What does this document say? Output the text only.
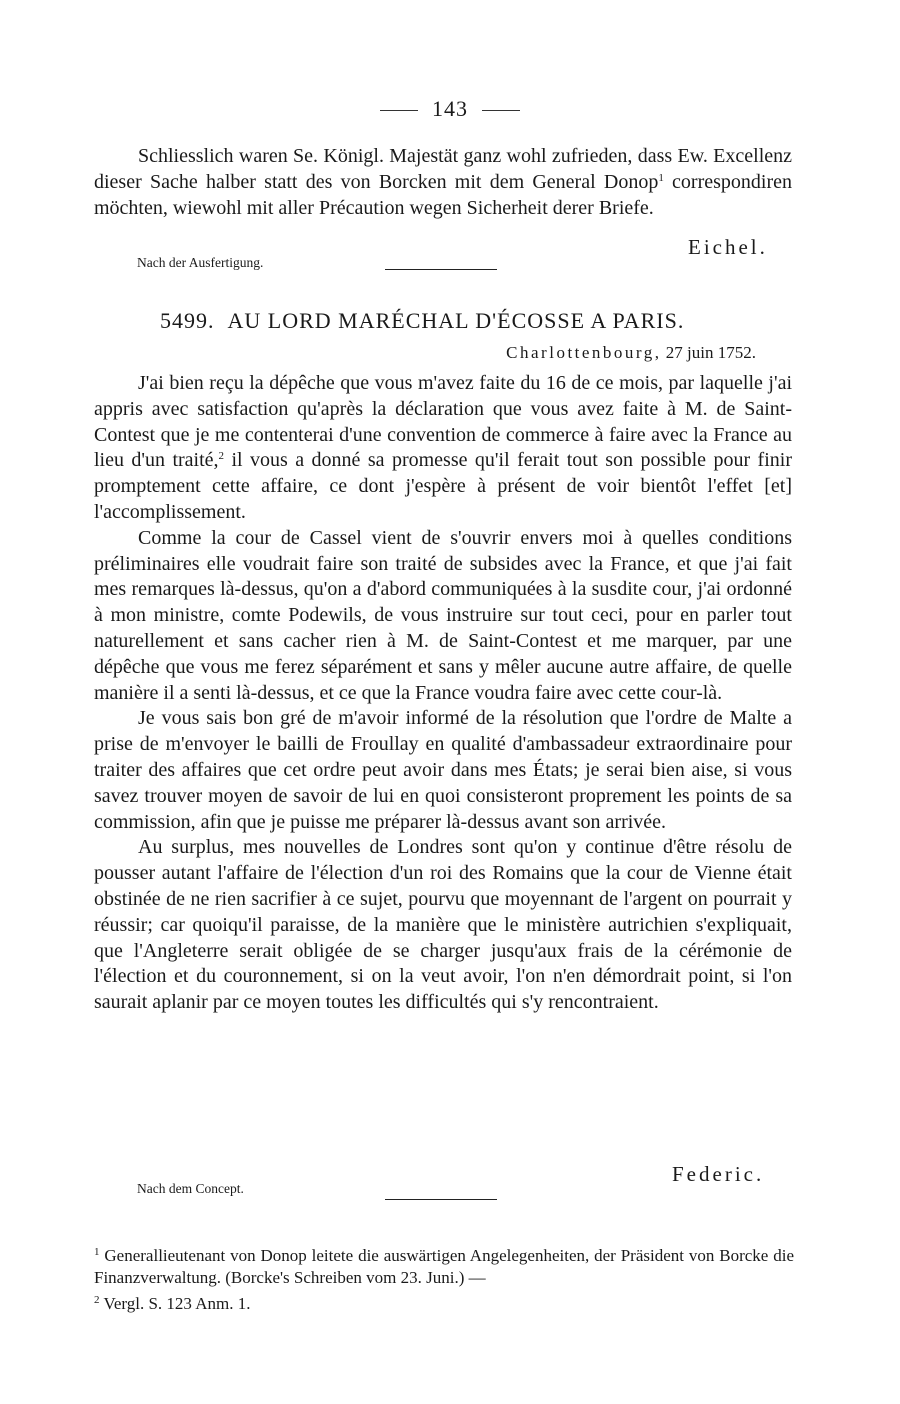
143

Schliesslich waren Se. Königl. Majestät ganz wohl zufrieden, dass Ew. Excellenz dieser Sache halber statt des von Borcken mit dem General Donop$^1$ correspondiren möchten, wiewohl mit aller Précaution wegen Sicherheit derer Briefe.

Eichel.
Nach der Ausfertigung.
5499. AU LORD MARÉCHAL D'ÉCOSSE A PARIS.
Charlottenbourg, 27 juin 1752.

J'ai bien reçu la dépêche que vous m'avez faite du 16 de ce mois, par laquelle j'ai appris avec satisfaction qu'après la déclaration que vous avez faite à M. de Saint-Contest que je me contenterai d'une convention de commerce à faire avec la France au lieu d'un traité,$^2$ il vous a donné sa promesse qu'il ferait tout son possible pour finir promptement cette affaire, ce dont j'espère à présent de voir bientôt l'effet [et] l'accomplissement.

Comme la cour de Cassel vient de s'ouvrir envers moi à quelles conditions préliminaires elle voudrait faire son traité de subsides avec la France, et que j'ai fait mes remarques là-dessus, qu'on a d'abord communiquées à la susdite cour, j'ai ordonné à mon ministre, comte Podewils, de vous instruire sur tout ceci, pour en parler tout naturellement et sans cacher rien à M. de Saint-Contest et me marquer, par une dépêche que vous me ferez séparément et sans y mêler aucune autre affaire, de quelle manière il a senti là-dessus, et ce que la France voudra faire avec cette cour-là.

Je vous sais bon gré de m'avoir informé de la résolution que l'ordre de Malte a prise de m'envoyer le bailli de Froullay en qualité d'ambassadeur extraordinaire pour traiter des affaires que cet ordre peut avoir dans mes États; je serai bien aise, si vous savez trouver moyen de savoir de lui en quoi consisteront proprement les points de sa commission, afin que je puisse me préparer là-dessus avant son arrivée.

Au surplus, mes nouvelles de Londres sont qu'on y continue d'être résolu de pousser autant l'affaire de l'élection d'un roi des Romains que la cour de Vienne était obstinée de ne rien sacrifier à ce sujet, pourvu que moyennant de l'argent on pourrait y réussir; car quoiqu'il paraisse, de la manière que le ministère autrichien s'expliquait, que l'Angleterre serait obligée de se charger jusqu'aux frais de la cérémonie de l'élection et du couronnement, si on la veut avoir, l'on n'en démordrait point, si l'on saurait aplanir par ce moyen toutes les difficultés qui s'y rencontraient.

Federic.
Nach dem Concept.

$^1$ Generallieutenant von Donop leitete die auswärtigen Angelegenheiten, der Präsident von Borcke die Finanzverwaltung. (Borcke's Schreiben vom 23. Juni.) —

$^2$ Vergl. S. 123 Anm. 1.
